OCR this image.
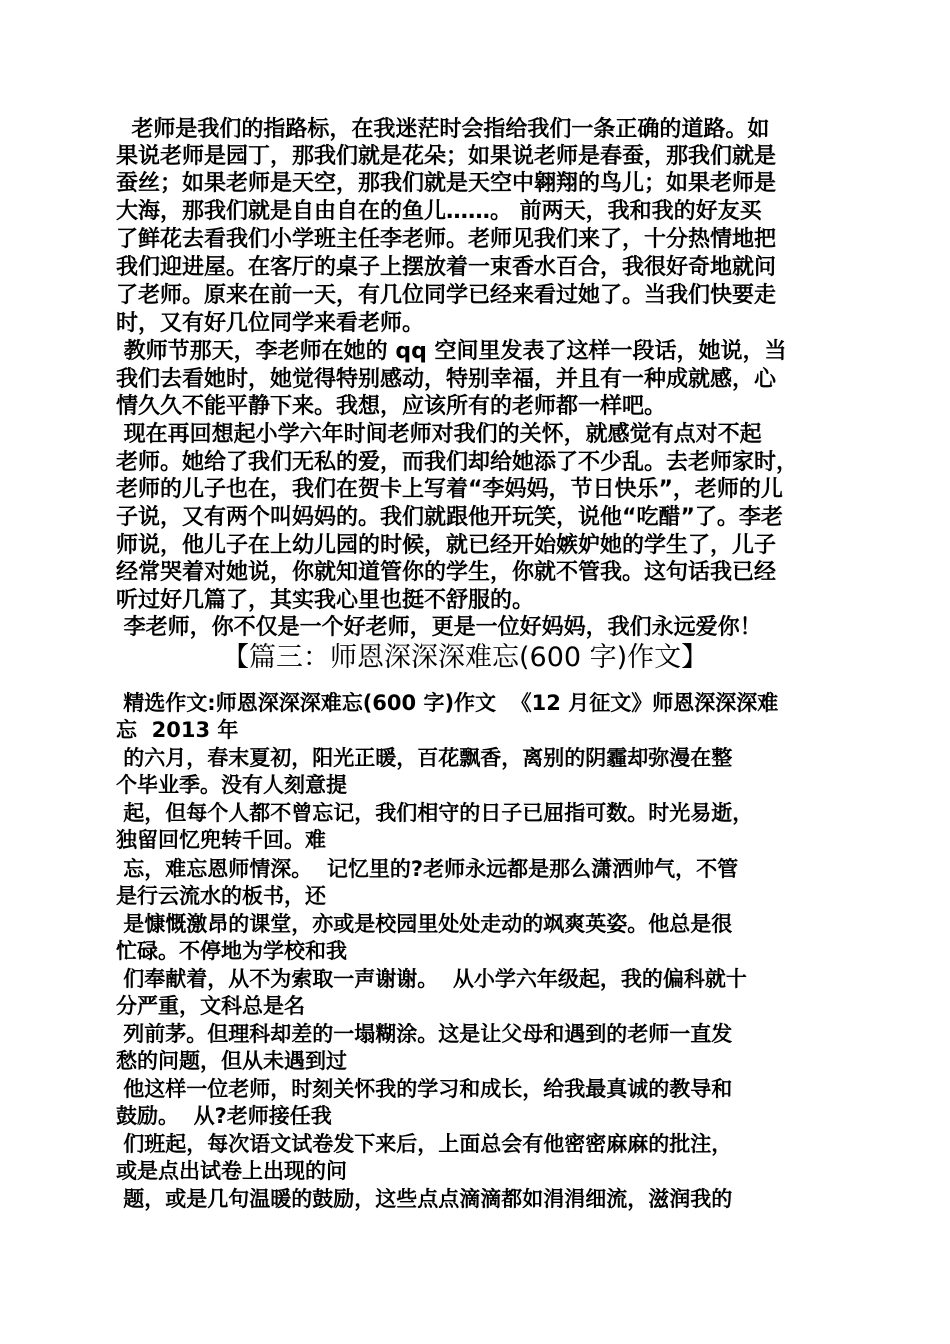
老师是我们的指路标，在我迷茫时会指给我们一条正确的道路。如
果说老师是园丁，那我们就是花朵；如果说老师是春蚕，那我们就是
蚕丝；如果老师是天空，那我们就是天空中翱翔的鸟儿；如果老师是
大海，那我们就是自由自在的鱼儿……。 前两天，我和我的好友买
了鲜花去看我们小学班主任李老师。老师见我们来了，十分热情地把
我们迎进屋。在客厅的桌子上摆放着一束香水百合，我很好奇地就问
了老师。原来在前一天，有几位同学已经来看过她了。当我们快要走
时，又有好几位同学来看老师。
教师节那天，李老师在她的 qq 空间里发表了这样一段话，她说，当
我们去看她时，她觉得特别感动，特别幸福，并且有一种成就感，心
情久久不能平静下来。我想，应该所有的老师都一样吧。
现在再回想起小学六年时间老师对我们的关怀，就感觉有点对不起
老师。她给了我们无私的爱，而我们却给她添了不少乱。去老师家时，
老师的儿子也在，我们在贺卡上写着“李妈妈，节日快乐”，老师的儿
子说，又有两个叫妈妈的。我们就跟他开玩笑，说他“吃醋”了。李老
师说，他儿子在上幼儿园的时候，就已经开始嫉妒她的学生了，儿子
经常哭着对她说，你就知道管你的学生，你就不管我。这句话我已经
听过好几篇了，其实我心里也挺不舒服的。
李老师，你不仅是一个好老师，更是一位好妈妈，我们永远爱你！
【篇三：师恩深深深难忘(600 字)作文】
精选作文:师恩深深深难忘(600 字)作文  《12 月征文》师恩深深深难
忘  2013 年
的六月，春末夏初，阳光正暖，百花飘香，离别的阴霾却弥漫在整
个毕业季。没有人刻意提
起，但每个人都不曾忘记，我们相守的日子已屈指可数。时光易逝，
独留回忆兜转千回。难
忘，难忘恩师情深。  记忆里的?老师永远都是那么潇洒帅气，不管
是行云流水的板书，还
是慷慨激昂的课堂，亦或是校园里处处走动的飒爽英姿。他总是很
忙碌。不停地为学校和我
们奉献着，从不为索取一声谢谢。  从小学六年级起，我的偏科就十
分严重，文科总是名
列前茅。但理科却差的一塌糊涂。这是让父母和遇到的老师一直发
愁的问题，但从未遇到过
他这样一位老师，时刻关怀我的学习和成长，给我最真诚的教导和
鼓励。  从?老师接任我
们班起，每次语文试卷发下来后，上面总会有他密密麻麻的批注，
或是点出试卷上出现的问
题，或是几句温暖的鼓励，这些点点滴滴都如涓涓细流，滋润我的
